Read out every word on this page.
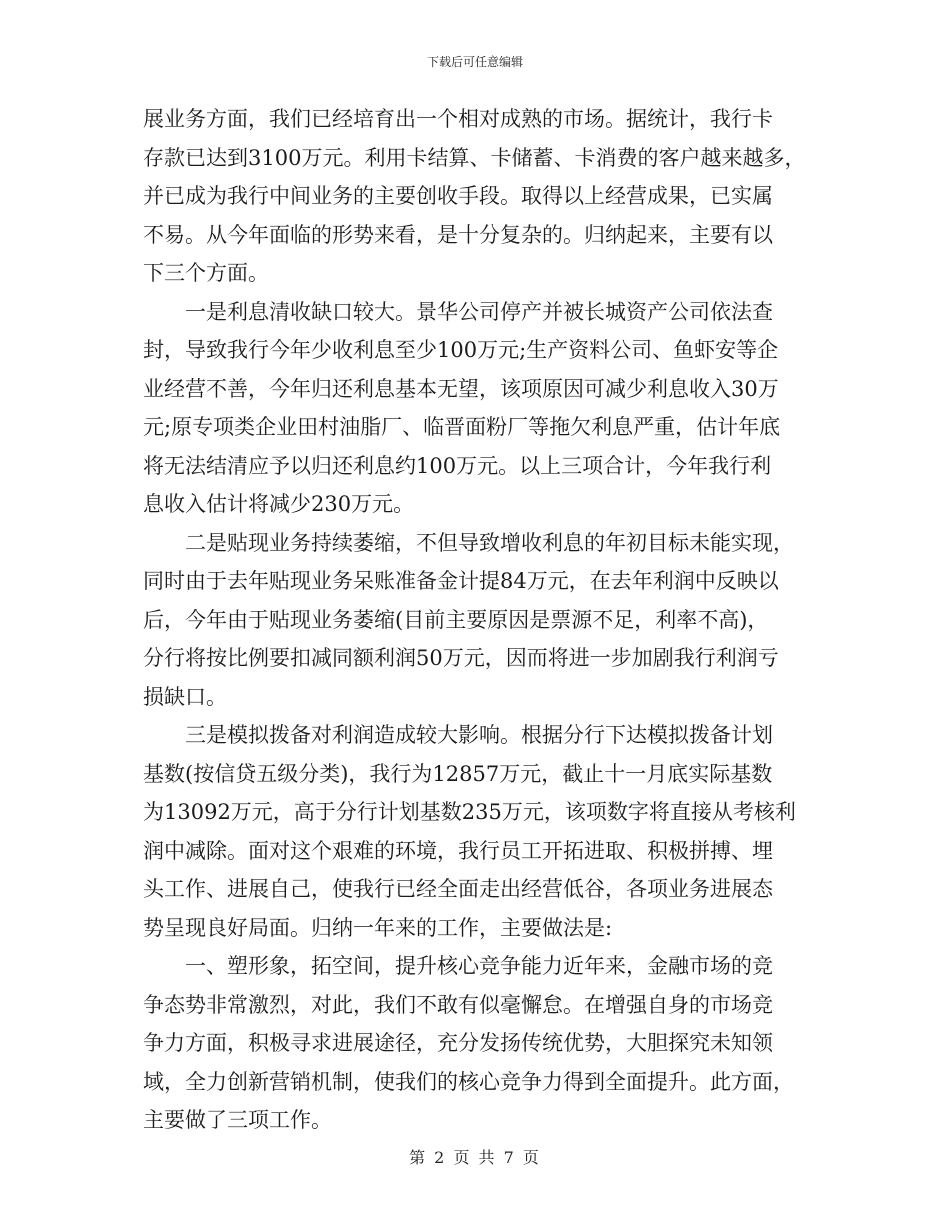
下载后可任意编辑
展业务方面，我们已经培育出一个相对成熟的市场。据统计，我行卡
存款已达到3100万元。利用卡结算、卡储蓄、卡消费的客户越来越多，
并已成为我行中间业务的主要创收手段。取得以上经营成果，已实属
不易。从今年面临的形势来看，是十分复杂的。归纳起来，主要有以
下三个方面。
一是利息清收缺口较大。景华公司停产并被长城资产公司依法查
封，导致我行今年少收利息至少100万元;生产资料公司、鱼虾安等企
业经营不善，今年归还利息基本无望，该项原因可减少利息收入30万
元;原专项类企业田村油脂厂、临晋面粉厂等拖欠利息严重，估计年底
将无法结清应予以归还利息约100万元。以上三项合计，今年我行利
息收入估计将减少230万元。
二是贴现业务持续萎缩，不但导致增收利息的年初目标未能实现，
同时由于去年贴现业务呆账准备金计提84万元，在去年利润中反映以
后，今年由于贴现业务萎缩(目前主要原因是票源不足，利率不高)，
分行将按比例要扣减同额利润50万元，因而将进一步加剧我行利润亏
损缺口。
三是模拟拨备对利润造成较大影响。根据分行下达模拟拨备计划
基数(按信贷五级分类)，我行为12857万元，截止十一月底实际基数
为13092万元，高于分行计划基数235万元，该项数字将直接从考核利
润中减除。面对这个艰难的环境，我行员工开拓进取、积极拼搏、埋
头工作、进展自己，使我行已经全面走出经营低谷，各项业务进展态
势呈现良好局面。归纳一年来的工作，主要做法是:
一、塑形象，拓空间，提升核心竞争能力近年来，金融市场的竞
争态势非常激烈，对此，我们不敢有似毫懈怠。在增强自身的市场竞
争力方面，积极寻求进展途径，充分发扬传统优势，大胆探究未知领
域，全力创新营销机制，使我们的核心竞争力得到全面提升。此方面，
主要做了三项工作。
第 2 页 共 7 页
